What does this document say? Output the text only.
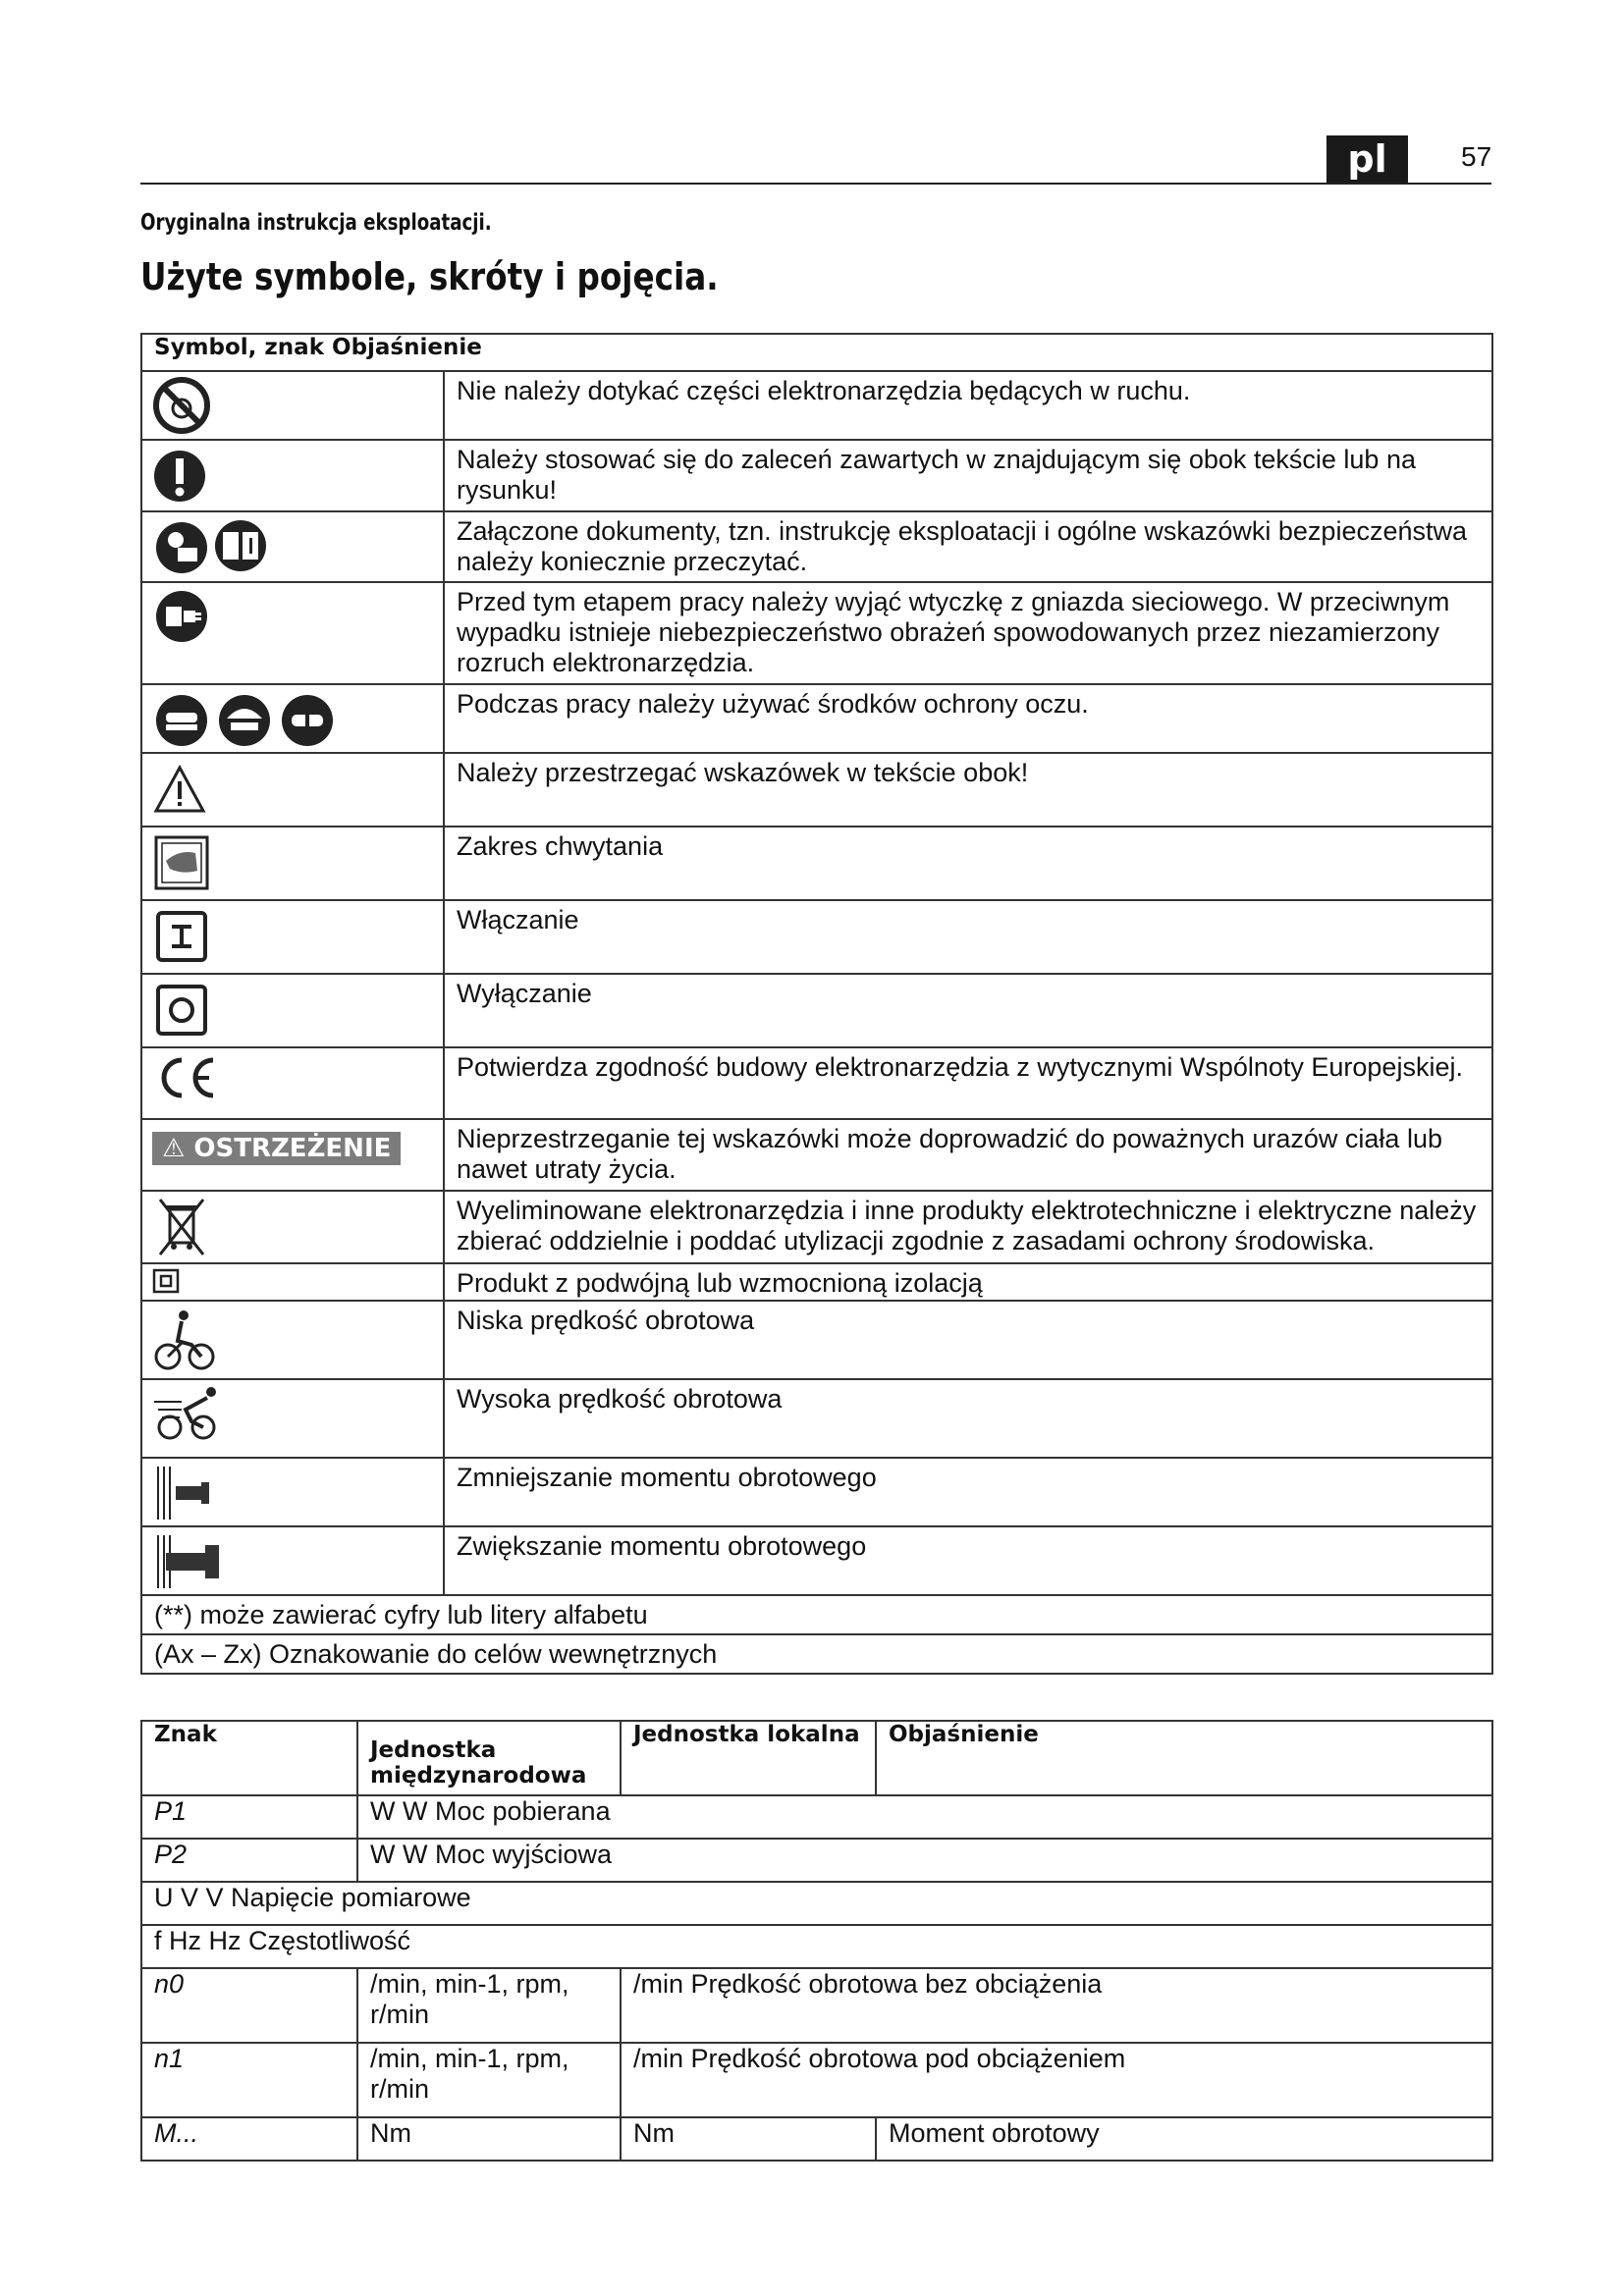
pl	57
Oryginalna instrukcja eksploatacji.
Użyte symbole, skróty i pojęcia.
Symbol, znak Objaśnienie	

	Nie należy dotykać części elektronarzędzia będących w ruchu.

	Należy stosować się do zaleceń zawartych w znajdującym się obok tekście lub na rysunku!

	Załączone dokumenty, tzn. instrukcję eksploatacji i ogólne wskazówki bezpieczeństwa należy koniecznie przeczytać.

	Przed tym etapem pracy należy wyjąć wtyczkę z gniazda sieciowego. W przeciwnym wypadku istnieje niebezpieczeństwo obrażeń spowodowanych przez niezamierzony rozruch elektronarzędzia.

	Podczas pracy należy używać środków ochrony oczu.

	Należy przestrzegać wskazówek w tekście obok!

	Zakres chwytania

	Włączanie

	Wyłączanie

	Potwierdza zgodność budowy elektronarzędzia z wytycznymi Wspólnoty Europejskiej.
⚠ OSTRZEŻENIE	Nieprzestrzeganie tej wskazówki może doprowadzić do poważnych urazów ciała lub nawet utraty życia.

	Wyeliminowane elektronarzędzia i inne produkty elektrotechniczne i elektryczne należy zbierać oddzielnie i poddać utylizacji zgodnie z zasadami ochrony środowiska.

	Produkt z podwójną lub wzmocnioną izolacją

	Niska prędkość obrotowa

	Wysoka prędkość obrotowa

	Zmniejszanie momentu obrotowego

	Zwiększanie momentu obrotowego
(**) może zawierać cyfry lub litery alfabetu	
(Ax – Zx) Oznakowanie do celów wewnętrznych	
Znak	Jednostka międzynarodowa	Jednostka lokalna	Objaśnienie
P1	W W Moc pobierana		
P2	W W Moc wyjściowa		
U V V Napięcie pomiarowe			
f Hz Hz Częstotliwość			
n0	/min, min-1, rpm, r/min	/min Prędkość obrotowa bez obciążenia	
n1	/min, min-1, rpm, r/min	/min Prędkość obrotowa pod obciążeniem	
M...	Nm	Nm	Moment obrotowy
